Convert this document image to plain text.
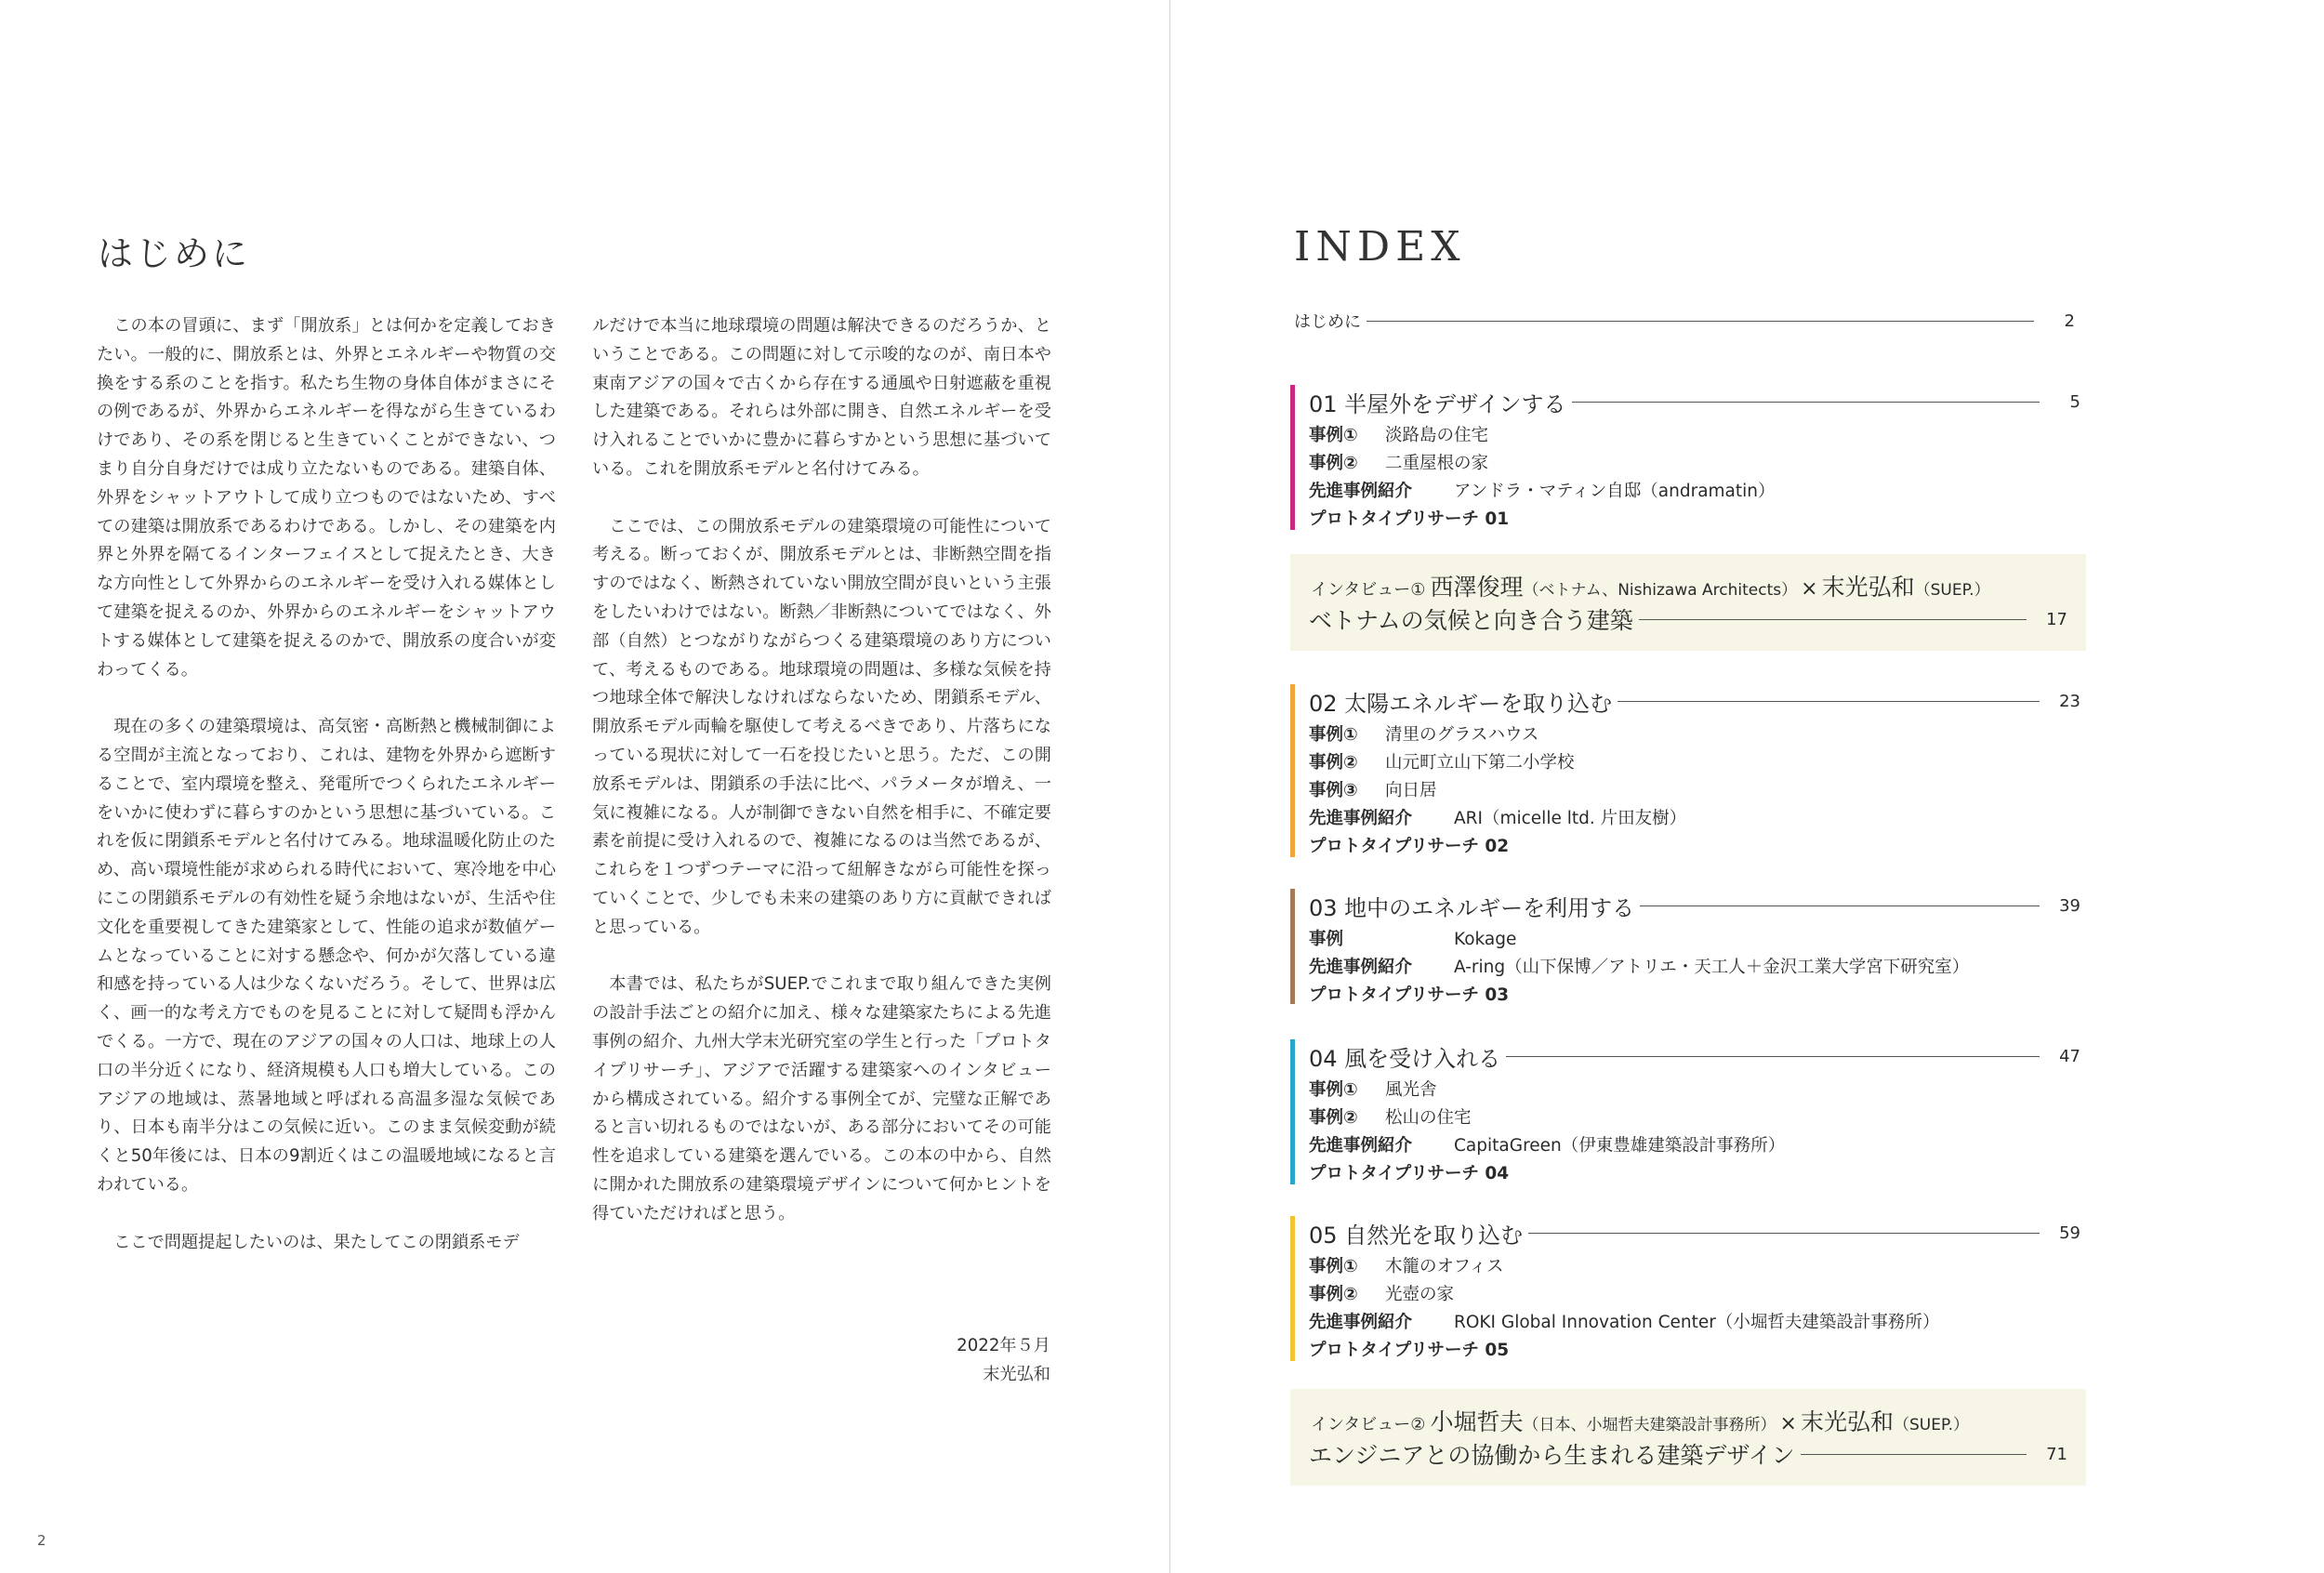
はじめに

この本の冒頭に、まず「開放系」とは何かを定義しておきたい。一般的に、開放系とは、外界とエネルギーや物質の交換をする系のことを指す。私たち生物の身体自体がまさにその例であるが、外界からエネルギーを得ながら生きているわけであり、その系を閉じると生きていくことができない、つまり自分自身だけでは成り立たないものである。建築自体、外界をシャットアウトして成り立つものではないため、すべての建築は開放系であるわけである。しかし、その建築を内界と外界を隔てるインターフェイスとして捉えたとき、大きな方向性として外界からのエネルギーを受け入れる媒体として建築を捉えるのか、外界からのエネルギーをシャットアウトする媒体として建築を捉えるのかで、開放系の度合いが変わってくる。

現在の多くの建築環境は、高気密・高断熱と機械制御による空間が主流となっており、これは、建物を外界から遮断することで、室内環境を整え、発電所でつくられたエネルギーをいかに使わずに暮らすのかという思想に基づいている。これを仮に閉鎖系モデルと名付けてみる。地球温暖化防止のため、高い環境性能が求められる時代において、寒冷地を中心にこの閉鎖系モデルの有効性を疑う余地はないが、生活や住文化を重要視してきた建築家として、性能の追求が数値ゲームとなっていることに対する懸念や、何かが欠落している違和感を持っている人は少なくないだろう。そして、世界は広く、画一的な考え方でものを見ることに対して疑問も浮かんでくる。一方で、現在のアジアの国々の人口は、地球上の人口の半分近くになり、経済規模も人口も増大している。このアジアの地域は、蒸暑地域と呼ばれる高温多湿な気候であり、日本も南半分はこの気候に近い。このまま気候変動が続くと50年後には、日本の9割近くはこの温暖地域になると言われている。

ここで問題提起したいのは、果たしてこの閉鎖系モデ

ルだけで本当に地球環境の問題は解決できるのだろうか、ということである。この問題に対して示唆的なのが、南日本や東南アジアの国々で古くから存在する通風や日射遮蔽を重視した建築である。それらは外部に開き、自然エネルギーを受け入れることでいかに豊かに暮らすかという思想に基づいている。これを開放系モデルと名付けてみる。

ここでは、この開放系モデルの建築環境の可能性について考える。断っておくが、開放系モデルとは、非断熱空間を指すのではなく、断熱されていない開放空間が良いという主張をしたいわけではない。断熱／非断熱についてではなく、外部（自然）とつながりながらつくる建築環境のあり方について、考えるものである。地球環境の問題は、多様な気候を持つ地球全体で解決しなければならないため、閉鎖系モデル、開放系モデル両輪を駆使して考えるべきであり、片落ちになっている現状に対して一石を投じたいと思う。ただ、この開放系モデルは、閉鎖系の手法に比べ、パラメータが増え、一気に複雑になる。人が制御できない自然を相手に、不確定要素を前提に受け入れるので、複雑になるのは当然であるが、これらを１つずつテーマに沿って紐解きながら可能性を探っていくことで、少しでも未来の建築のあり方に貢献できればと思っている。

本書では、私たちがSUEP.でこれまで取り組んできた実例の設計手法ごとの紹介に加え、様々な建築家たちによる先進事例の紹介、九州大学末光研究室の学生と行った「プロトタイプリサーチ」、アジアで活躍する建築家へのインタビューから構成されている。紹介する事例全てが、完璧な正解であると言い切れるものではないが、ある部分においてその可能性を追求している建築を選んでいる。この本の中から、自然に開かれた開放系の建築環境デザインについて何かヒントを得ていただければと思う。

2022年５月
末光弘和
2
INDEX
はじめに	2
01 半屋外をデザインする	5
事例① 淡路島の住宅
事例② 二重屋根の家
先進事例紹介 アンドラ・マティン自邸（andramatin）
プロトタイプリサーチ 01
インタビュー① 西澤俊理（ベトナム、Nishizawa Architects） × 末光弘和（SUEP.）
ベトナムの気候と向き合う建築	17
02 太陽エネルギーを取り込む	23
事例① 清里のグラスハウス
事例② 山元町立山下第二小学校
事例③ 向日居
先進事例紹介 ARI（micelle ltd. 片田友樹）
プロトタイプリサーチ 02
03 地中のエネルギーを利用する	39
事例	Kokage
先進事例紹介 A-ring（山下保博／アトリエ・天工人＋金沢工業大学宮下研究室）
プロトタイプリサーチ 03
04 風を受け入れる	47
事例① 風光舎
事例② 松山の住宅
先進事例紹介 CapitaGreen（伊東豊雄建築設計事務所）
プロトタイプリサーチ 04
05 自然光を取り込む	59
事例① 木籠のオフィス
事例② 光壺の家
先進事例紹介 ROKI Global Innovation Center（小堀哲夫建築設計事務所）
プロトタイプリサーチ 05
インタビュー② 小堀哲夫（日本、小堀哲夫建築設計事務所） × 末光弘和（SUEP.）
エンジニアとの協働から生まれる建築デザイン	71
